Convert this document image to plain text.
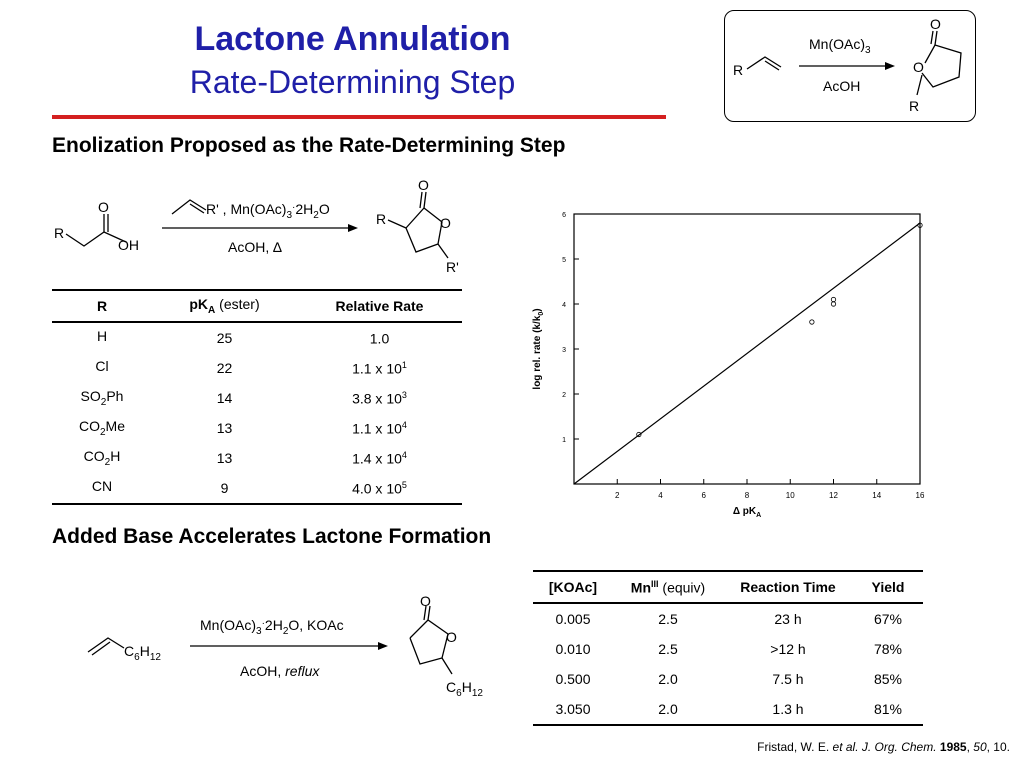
Lactone Annulation
Rate-Determining Step	R
$Mn(OAc)_3$
AcOH
O
O
R
Enolization Proposed as the Rate-Determining Step
R
O
OH
R' , $Mn(OAc)_3^\cdot 2H_2O$
AcOH, ∆
R
O
O
R'
R	$pK_A$ (ester)	Relative Rate
H	25	1.0
Cl	22	1.1 x $10^1$
$SO_2Ph$	14	3.8 x $10^3$
$CO_2Me$	13	1.1 x $10^4$
$CO_2H$	13	1.4 x $10^4$
CN	9	4.0 x $10^5$
2	4	6	8	10	12	14	16
1
2
3
4
5
6
Δ $pK_A$
log rel. rate $(k/k_0)$
Added Base Accelerates Lactone Formation
$C_6H_{12}$
$Mn(OAc)_3^\cdot 2H_2O$, KOAc
AcOH, reflux
O
O
$C_6H_{12}$
[KOAc]	$Mn^{III}$ (equiv)	Reaction Time	Yield
0.005	2.5	23 h	67%
0.010	2.5	>12 h	78%
0.500	2.0	7.5 h	85%
3.050	2.0	1.3 h	81%
Fristad, W. E. et al. J. Org. Chem. 1985, 50, 10.
